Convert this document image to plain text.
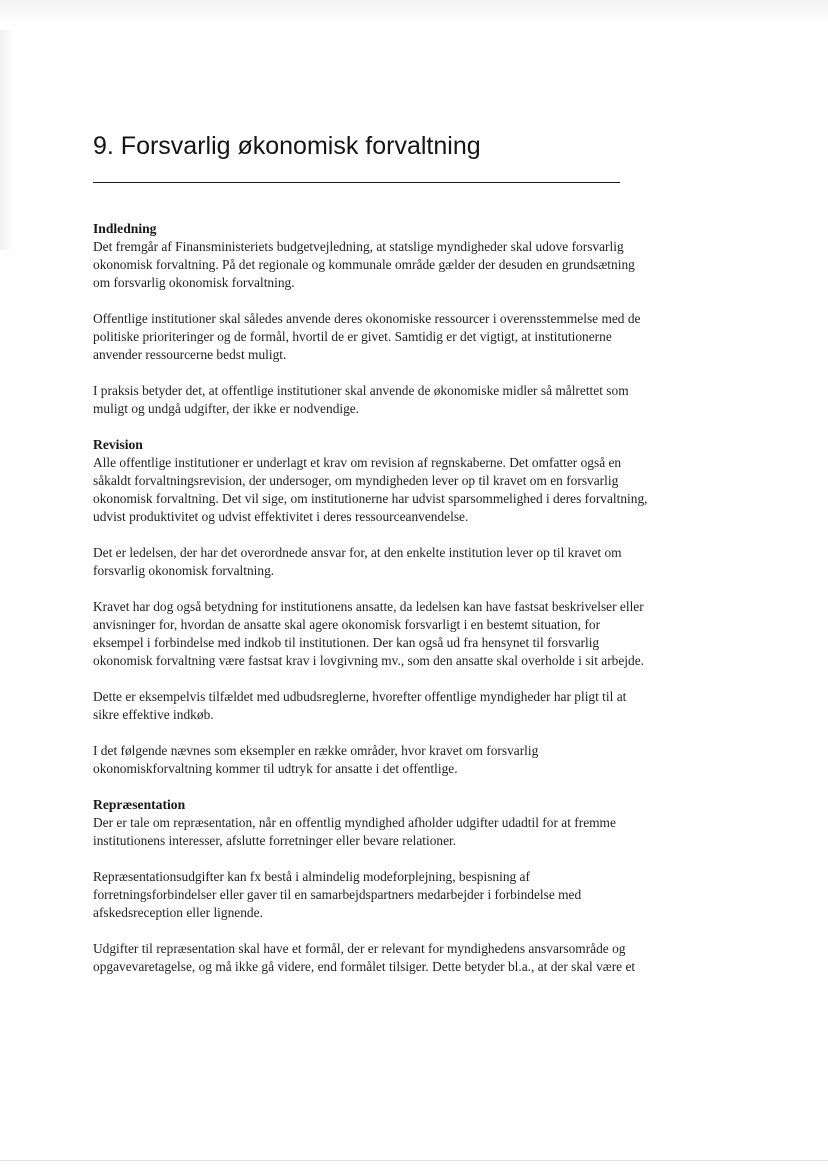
9. Forsvarlig økonomisk forvaltning
Indledning

Det fremgår af Finansministeriets budgetvejledning, at statslige myndigheder skal udove forsvarlig
okonomisk forvaltning. På det regionale og kommunale område gælder der desuden en grundsætning
om forsvarlig okonomisk forvaltning.

Offentlige institutioner skal således anvende deres okonomiske ressourcer i overensstemmelse med de
politiske prioriteringer og de formål, hvortil de er givet. Samtidig er det vigtigt, at institutionerne
anvender ressourcerne bedst muligt.

I praksis betyder det, at offentlige institutioner skal anvende de økonomiske midler så målrettet som
muligt og undgå udgifter, der ikke er nodvendige.

Revision

Alle offentlige institutioner er underlagt et krav om revision af regnskaberne. Det omfatter også en
såkaldt forvaltningsrevision, der undersoger, om myndigheden lever op til kravet om en forsvarlig
okonomisk forvaltning. Det vil sige, om institutionerne har udvist sparsommelighed i deres forvaltning,
udvist produktivitet og udvist effektivitet i deres ressourceanvendelse.

Det er ledelsen, der har det overordnede ansvar for, at den enkelte institution lever op til kravet om
forsvarlig okonomisk forvaltning.

Kravet har dog også betydning for institutionens ansatte, da ledelsen kan have fastsat beskrivelser eller
anvisninger for, hvordan de ansatte skal agere okonomisk forsvarligt i en bestemt situation, for
eksempel i forbindelse med indkob til institutionen. Der kan også ud fra hensynet til forsvarlig
okonomisk forvaltning være fastsat krav i lovgivning mv., som den ansatte skal overholde i sit arbejde.

Dette er eksempelvis tilfældet med udbudsreglerne, hvorefter offentlige myndigheder har pligt til at
sikre effektive indkøb.

I det følgende nævnes som eksempler en række områder, hvor kravet om forsvarlig
okonomiskforvaltning kommer til udtryk for ansatte i det offentlige.

Repræsentation

Der er tale om repræsentation, når en offentlig myndighed afholder udgifter udadtil for at fremme
institutionens interesser, afslutte forretninger eller bevare relationer.

Repræsentationsudgifter kan fx bestå i almindelig modeforplejning, bespisning af
forretningsforbindelser eller gaver til en samarbejdspartners medarbejder i forbindelse med
afskedsreception eller lignende.

Udgifter til repræsentation skal have et formål, der er relevant for myndighedens ansvarsområde og
opgavevaretagelse, og må ikke gå videre, end formålet tilsiger. Dette betyder bl.a., at der skal være et
